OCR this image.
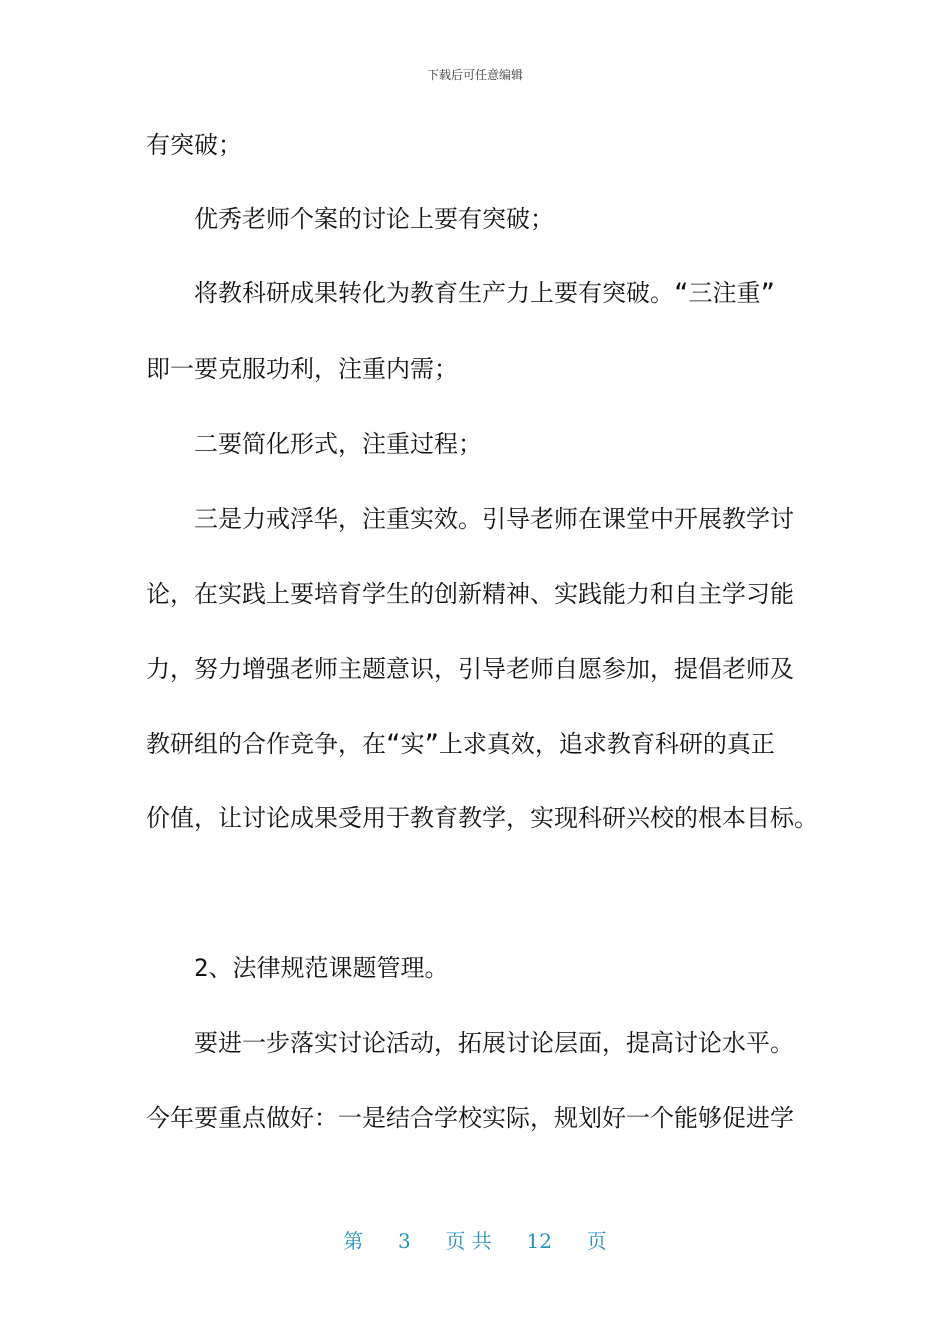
下载后可任意编辑
有突破；
优秀老师个案的讨论上要有突破；
将教科研成果转化为教育生产力上要有突破。“三注重”
即一要克服功利，注重内需；
二要简化形式，注重过程；
三是力戒浮华，注重实效。引导老师在课堂中开展教学讨
论，在实践上要培育学生的创新精神、实践能力和自主学习能
力，努力增强老师主题意识，引导老师自愿参加，提倡老师及
教研组的合作竞争，在“实”上求真效，追求教育科研的真正
价值，让讨论成果受用于教育教学，实现科研兴校的根本目标。
2、法律规范课题管理。
要进一步落实讨论活动，拓展讨论层面，提高讨论水平。
今年要重点做好：一是结合学校实际，规划好一个能够促进学
第 3 页 共 12 页
